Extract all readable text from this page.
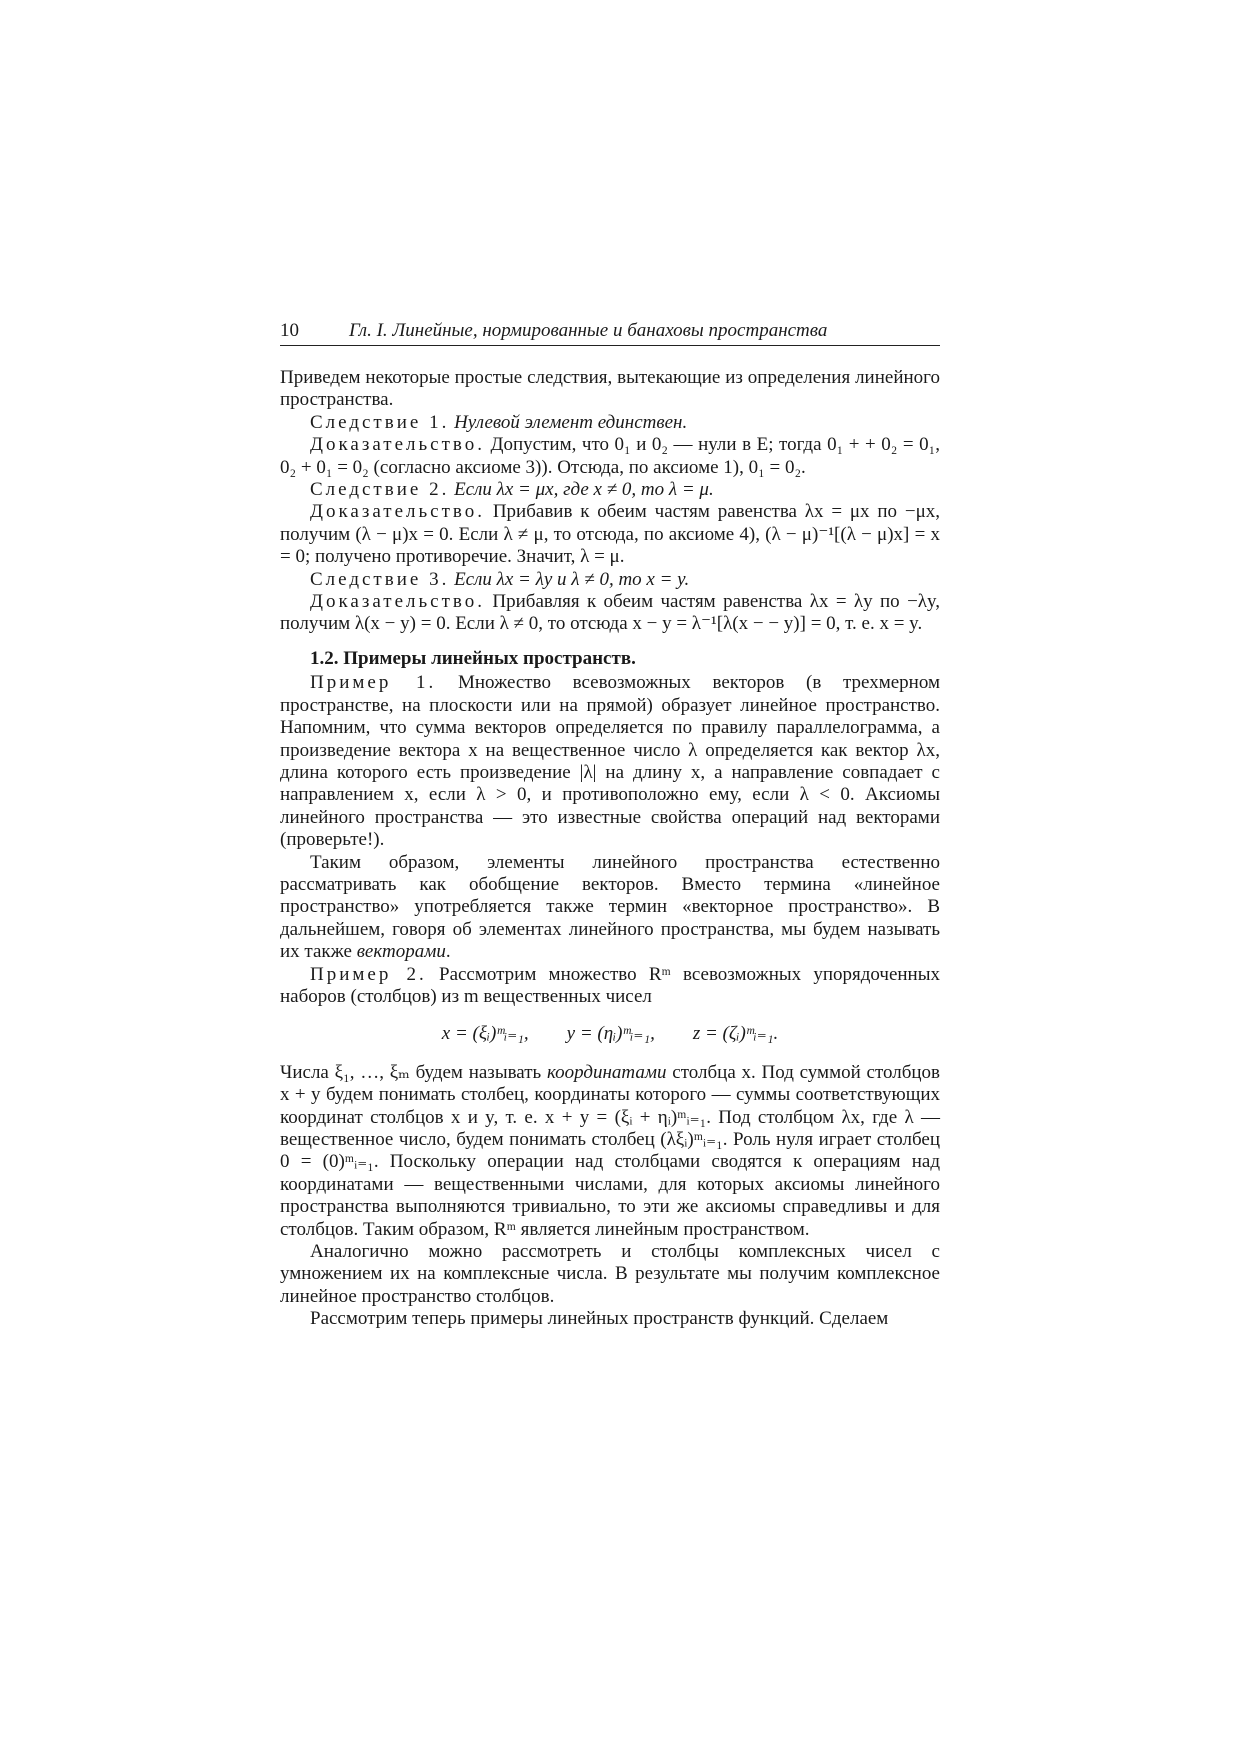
10	Гл. I. Линейные, нормированные и банаховы пространства

Приведем некоторые простые следствия, вытекающие из определения линейного пространства.

Следствие 1. Нулевой элемент единствен.

Доказательство. Допустим, что 0₁ и 0₂ — нули в E; тогда 0₁ + + 0₂ = 0₁, 0₂ + 0₁ = 0₂ (согласно аксиоме 3)). Отсюда, по аксиоме 1), 0₁ = 0₂.

Следствие 2. Если λx = μx, где x ≠ 0, то λ = μ.

Доказательство. Прибавив к обеим частям равенства λx = μx по −μx, получим (λ − μ)x = 0. Если λ ≠ μ, то отсюда, по аксиоме 4), (λ − μ)⁻¹[(λ − μ)x] = x = 0; получено противоречие. Значит, λ = μ.

Следствие 3. Если λx = λy и λ ≠ 0, то x = y.

Доказательство. Прибавляя к обеим частям равенства λx = λy по −λy, получим λ(x − y) = 0. Если λ ≠ 0, то отсюда x − y = λ⁻¹[λ(x − − y)] = 0, т. е. x = y.

1.2. Примеры линейных пространств.

Пример 1. Множество всевозможных векторов (в трехмерном пространстве, на плоскости или на прямой) образует линейное пространство. Напомним, что сумма векторов определяется по правилу параллелограмма, а произведение вектора x на вещественное число λ определяется как вектор λx, длина которого есть произведение |λ| на длину x, а направление совпадает с направлением x, если λ > 0, и противоположно ему, если λ < 0. Аксиомы линейного пространства — это известные свойства операций над векторами (проверьте!).

Таким образом, элементы линейного пространства естественно рассматривать как обобщение векторов. Вместо термина «линейное пространство» употребляется также термин «векторное пространство». В дальнейшем, говоря об элементах линейного пространства, мы будем называть их также векторами.

Пример 2. Рассмотрим множество Rᵐ всевозможных упорядоченных наборов (столбцов) из m вещественных чисел

x = (ξᵢ)ᵐᵢ₌₁,        y = (ηᵢ)ᵐᵢ₌₁,        z = (ζᵢ)ᵐᵢ₌₁.

Числа ξ₁, …, ξₘ будем называть координатами столбца x. Под суммой столбцов x + y будем понимать столбец, координаты которого — суммы соответствующих координат столбцов x и y, т. е. x + y = (ξᵢ + ηᵢ)ᵐᵢ₌₁. Под столбцом λx, где λ — вещественное число, будем понимать столбец (λξᵢ)ᵐᵢ₌₁. Роль нуля играет столбец 0 = (0)ᵐᵢ₌₁. Поскольку операции над столбцами сводятся к операциям над координатами — вещественными числами, для которых аксиомы линейного пространства выполняются тривиально, то эти же аксиомы справедливы и для столбцов. Таким образом, Rᵐ является линейным пространством.

Аналогично можно рассмотреть и столбцы комплексных чисел с умножением их на комплексные числа. В результате мы получим комплексное линейное пространство столбцов.

Рассмотрим теперь примеры линейных пространств функций. Сделаем
